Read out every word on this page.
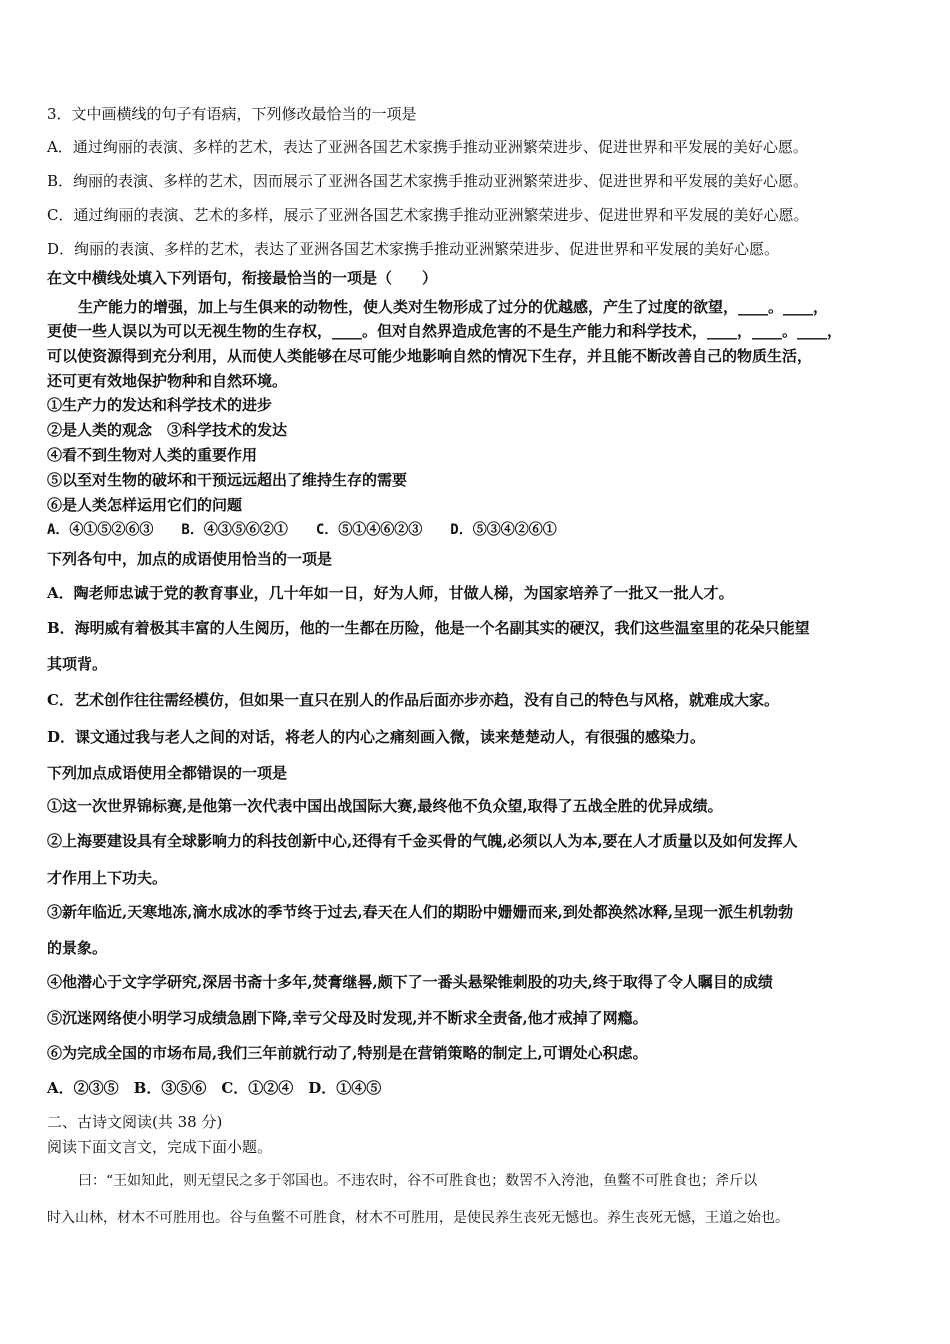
3．文中画横线的句子有语病，下列修改最恰当的一项是
A．通过绚丽的表演、多样的艺术，表达了亚洲各国艺术家携手推动亚洲繁荣进步、促进世界和平发展的美好心愿。
B．绚丽的表演、多样的艺术，因而展示了亚洲各国艺术家携手推动亚洲繁荣进步、促进世界和平发展的美好心愿。
C．通过绚丽的表演、艺术的多样，展示了亚洲各国艺术家携手推动亚洲繁荣进步、促进世界和平发展的美好心愿。
D．绚丽的表演、多样的艺术，表达了亚洲各国艺术家携手推动亚洲繁荣进步、促进世界和平发展的美好心愿。
在文中横线处填入下列语句，衔接最恰当的一项是（　　）
生产能力的增强，加上与生俱来的动物性，使人类对生物形成了过分的优越感，产生了过度的欲望，____。____，
更使一些人误以为可以无视生物的生存权，____。但对自然界造成危害的不是生产能力和科学技术，____，____。____，
可以使资源得到充分利用，从而使人类能够在尽可能少地影响自然的情况下生存，并且能不断改善自己的物质生活，
还可更有效地保护物种和自然环境。
①生产力的发达和科学技术的进步
②是人类的观念　③科学技术的发达
④看不到生物对人类的重要作用
⑤以至对生物的破坏和干预远远超出了维持生存的需要
⑥是人类怎样运用它们的问题
A．④①⑤②⑥③　　B．④③⑤⑥②①　　C．⑤①④⑥②③　　D．⑤③④②⑥①
下列各句中，加点的成语使用恰当的一项是
A．陶老师忠诚于党的教育事业，几十年如一日，好为人师，甘做人梯，为国家培养了一批又一批人才。
B．海明威有着极其丰富的人生阅历，他的一生都在历险，他是一个名副其实的硬汉，我们这些温室里的花朵只能望
其项背。
C．艺术创作往往需经模仿，但如果一直只在别人的作品后面亦步亦趋，没有自己的特色与风格，就难成大家。
D．课文通过我与老人之间的对话，将老人的内心之痛刻画入微，读来楚楚动人，有很强的感染力。
下列加点成语使用全都错误的一项是
①这一次世界锦标赛,是他第一次代表中国出战国际大赛,最终他不负众望,取得了五战全胜的优异成绩。
②上海要建设具有全球影响力的科技创新中心,还得有千金买骨的气魄,必须以人为本,要在人才质量以及如何发挥人
才作用上下功夫。
③新年临近,天寒地冻,滴水成冰的季节终于过去,春天在人们的期盼中姗姗而来,到处都涣然冰释,呈现一派生机勃勃
的景象。
④他潜心于文字学研究,深居书斋十多年,焚膏继晷,颇下了一番头悬梁锥刺股的功夫,终于取得了令人瞩目的成绩
⑤沉迷网络使小明学习成绩急剧下降,幸亏父母及时发现,并不断求全责备,他才戒掉了网瘾。
⑥为完成全国的市场布局,我们三年前就行动了,特别是在营销策略的制定上,可谓处心积虑。
A．②③⑤　B．③⑤⑥　C．①②④　D．①④⑤
二、古诗文阅读(共 38 分)
阅读下面文言文，完成下面小题。
曰：“王如知此，则无望民之多于邻国也。不违农时，谷不可胜食也；数罟不入洿池，鱼鳖不可胜食也；斧斤以
时入山林，材木不可胜用也。谷与鱼鳖不可胜食，材木不可胜用，是使民养生丧死无憾也。养生丧死无憾，王道之始也。
